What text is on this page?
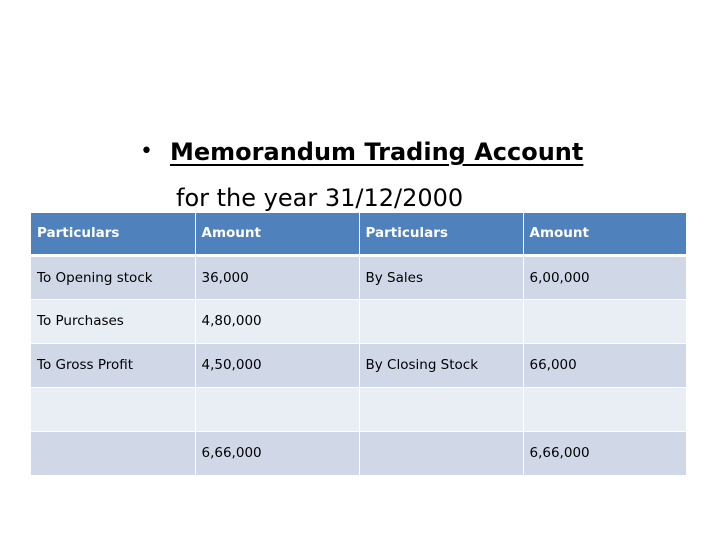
• Memorandum Trading Account
for the year 31/12/2000
Particulars	Amount	Particulars	Amount
To Opening stock	36,000	By Sales	6,00,000
To Purchases	4,80,000		
To Gross Profit	4,50,000	By Closing Stock	66,000

	6,66,000		6,66,000
